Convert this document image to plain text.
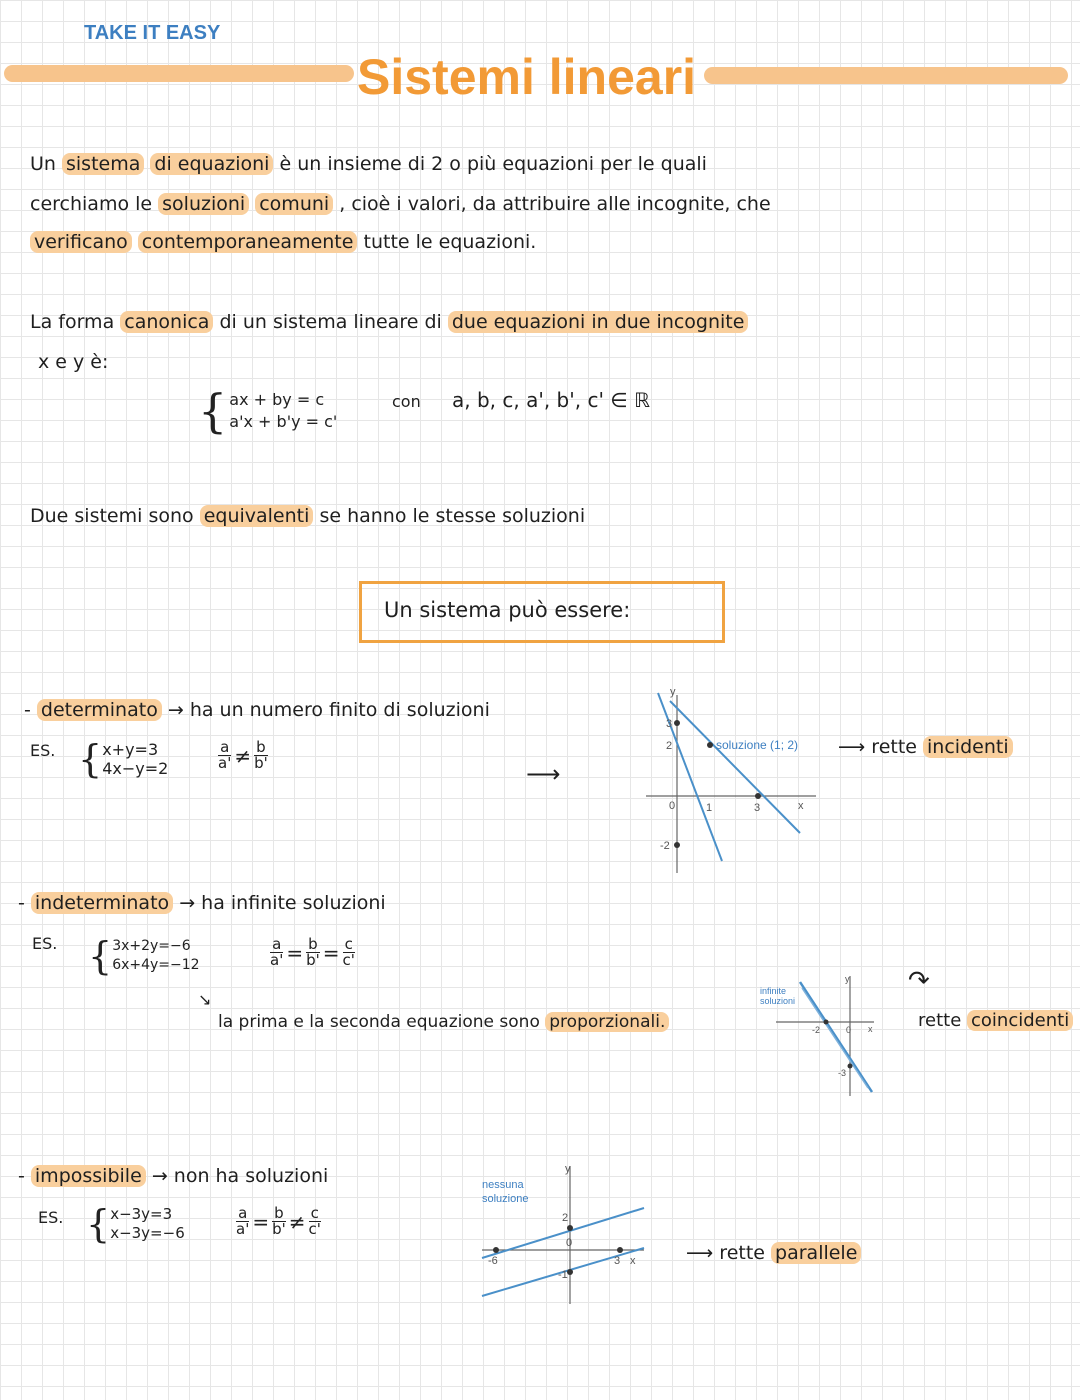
TAKE IT EASY
Sistemi lineari
Un sistema di equazioni è un insieme di 2 o più equazioni per le quali
cerchiamo le soluzioni comuni , cioè i valori, da attribuire alle incognite, che
verificano contemporaneamente tutte le equazioni.
La forma canonica di un sistema lineare di due equazioni in due incognite
x e y è:
{ ax + by = c
a'x + b'y = c'
con a, b, c, a', b', c' ∈ ℝ
Due sistemi sono equivalenti se hanno le stesse soluzioni
Un sistema può essere:
- determinato → ha un numero finito di soluzioni
ES. { x+y=3
4x−y=2	$\frac{a}{a'} \ne \frac{b}{b'}$
⟶
3
2
-2
1	3
0	x
y
soluzione (1; 2) ⟶ rette incidenti
- indeterminato → ha infinite soluzioni
ES. { 3x+2y=−6
6x+4y=−12	$\frac{a}{a'} = \frac{b}{b'} = \frac{c}{c'}$
↘
la prima e la seconda equazione sono proporzionali.
infinite
soluzioni
-2
-3
0 x
y ↷
rette coincidenti
- impossibile → non ha soluzioni
ES. { x−3y=3
x−3y=−6	$\frac{a}{a'} = \frac{b}{b'} \ne \frac{c}{c'}$
nessuna
soluzione
2
0
-1
-6	3 x
y
⟶ rette parallele
